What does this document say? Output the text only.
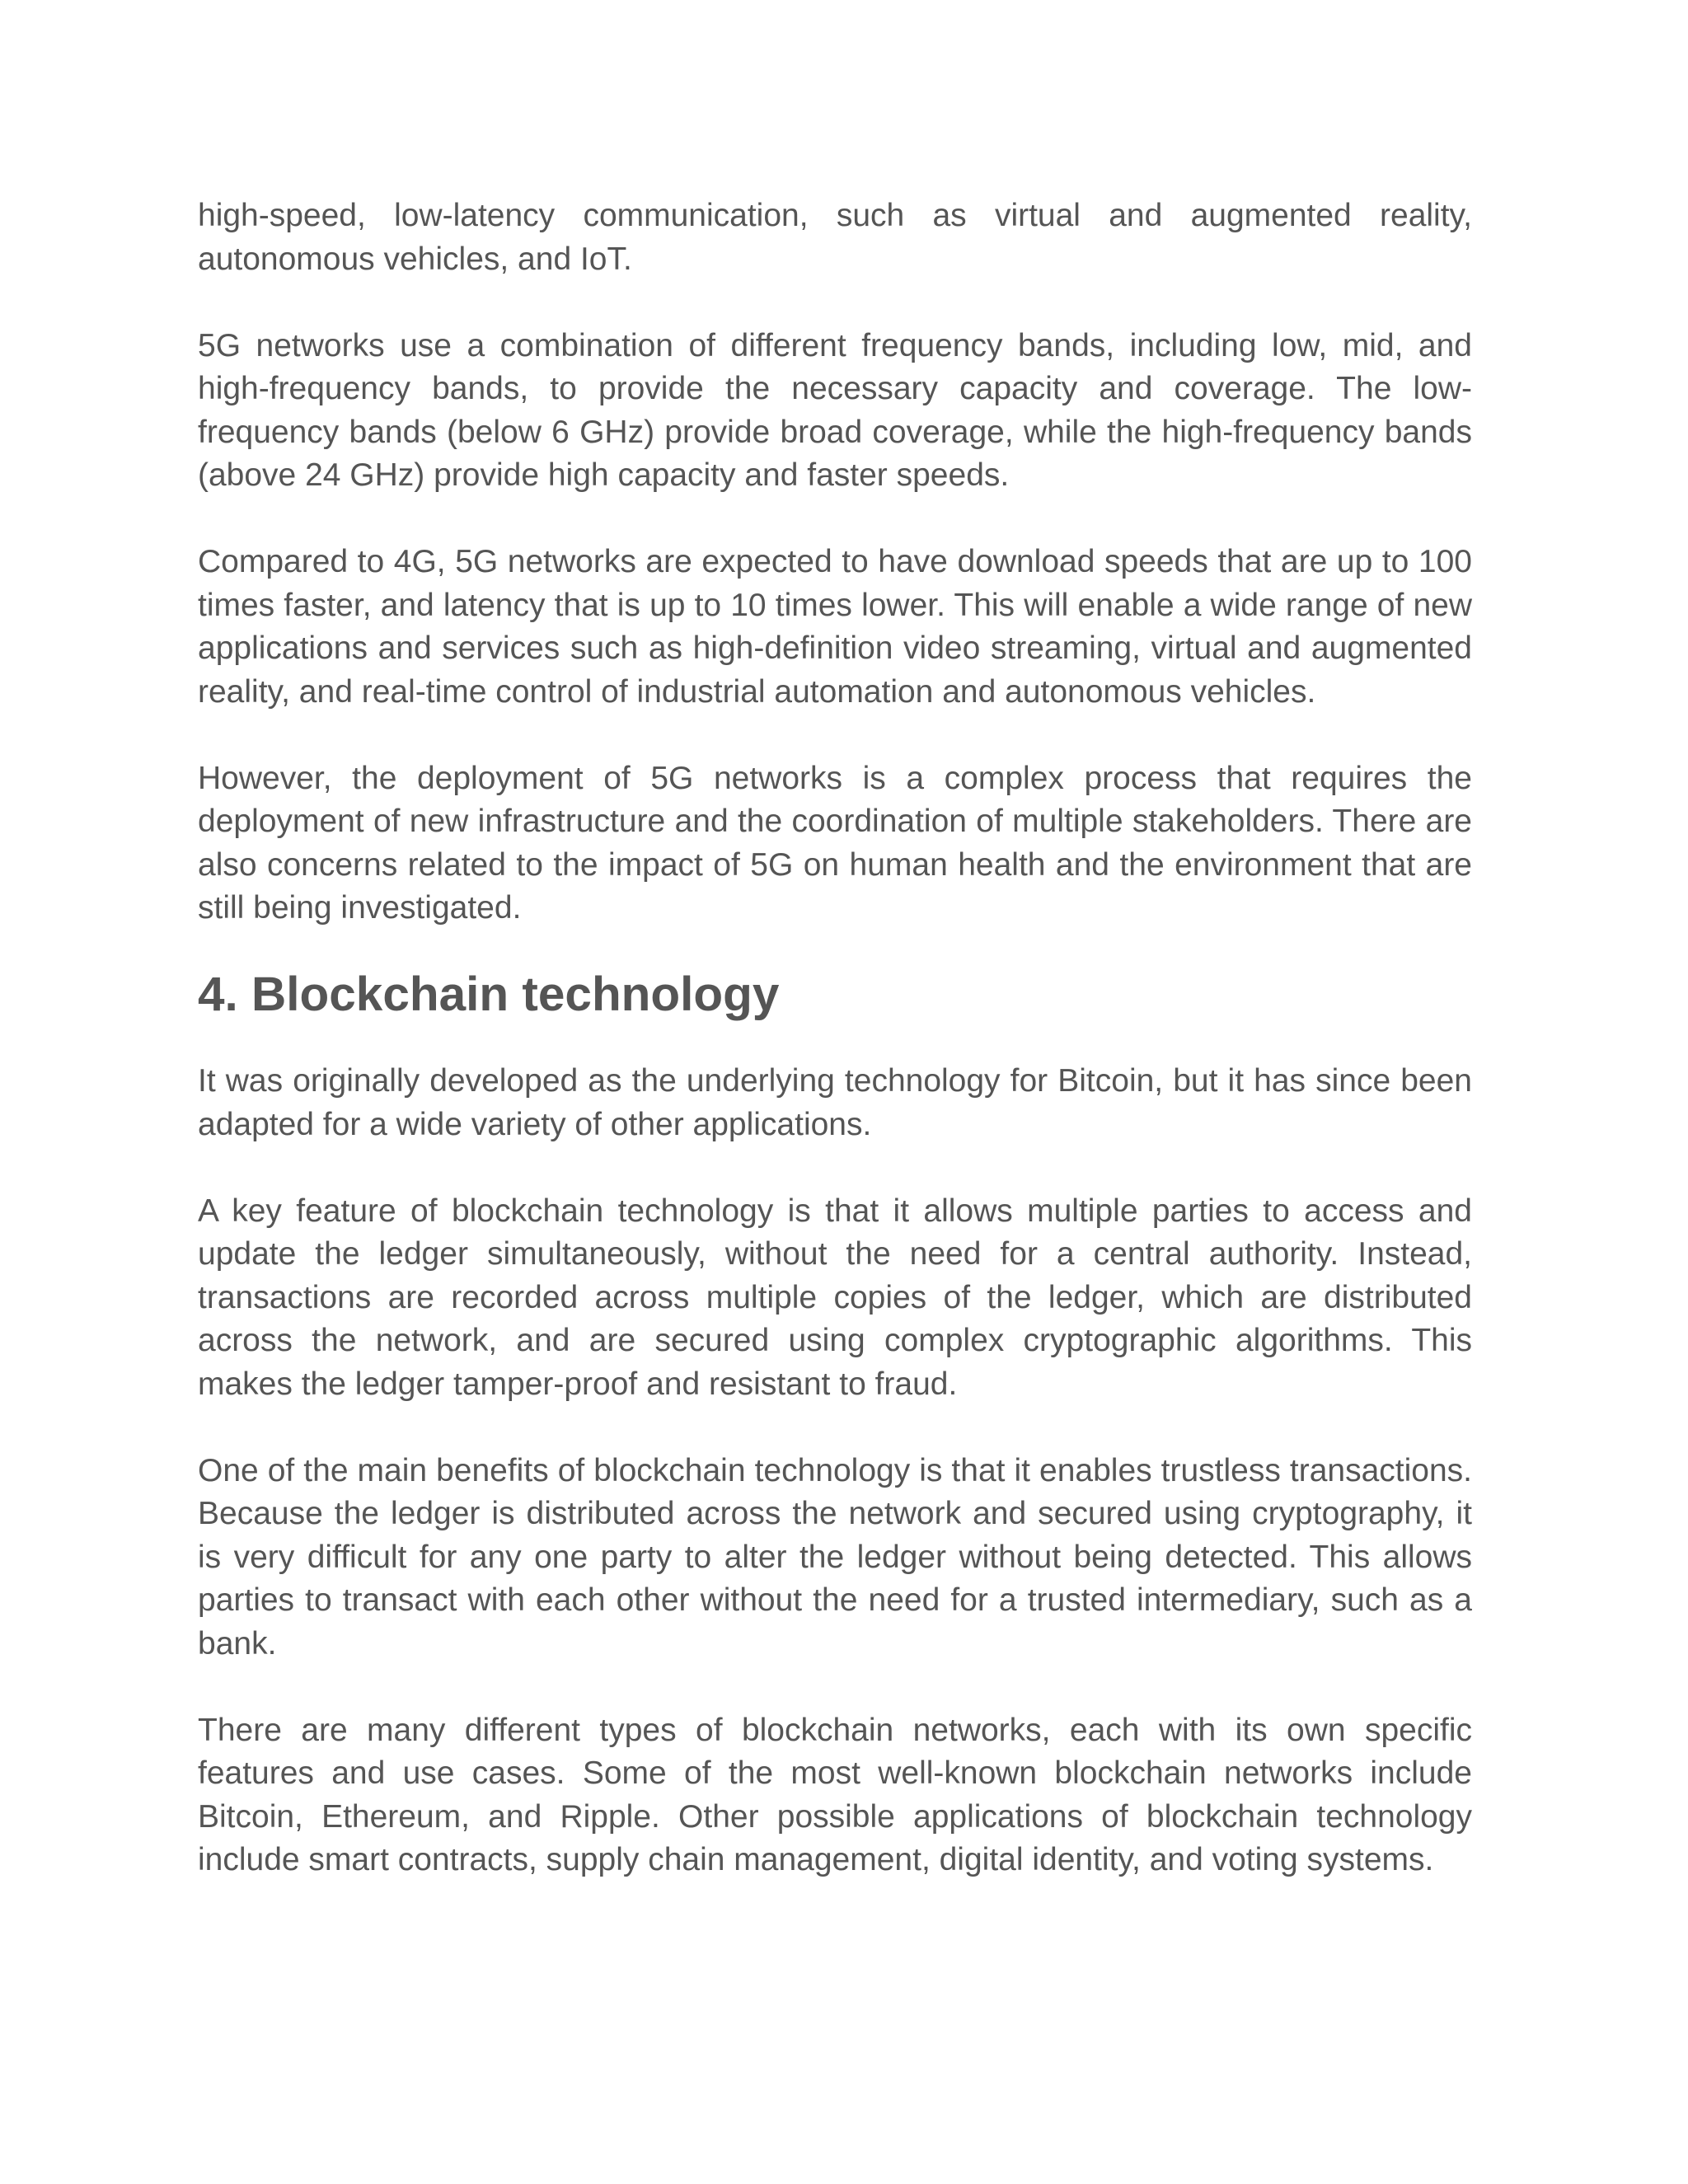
high-speed, low-latency communication, such as virtual and augmented reality, autonomous vehicles, and IoT.

5G networks use a combination of different frequency bands, including low, mid, and high-frequency bands, to provide the necessary capacity and coverage. The low-frequency bands (below 6 GHz) provide broad coverage, while the high-frequency bands (above 24 GHz) provide high capacity and faster speeds.

Compared to 4G, 5G networks are expected to have download speeds that are up to 100 times faster, and latency that is up to 10 times lower. This will enable a wide range of new applications and services such as high-definition video streaming, virtual and augmented reality, and real-time control of industrial automation and autonomous vehicles.

However, the deployment of 5G networks is a complex process that requires the deployment of new infrastructure and the coordination of multiple stakeholders. There are also concerns related to the impact of 5G on human health and the environment that are still being investigated.

4. Blockchain technology

It was originally developed as the underlying technology for Bitcoin, but it has since been adapted for a wide variety of other applications.

A key feature of blockchain technology is that it allows multiple parties to access and update the ledger simultaneously, without the need for a central authority. Instead, transactions are recorded across multiple copies of the ledger, which are distributed across the network, and are secured using complex cryptographic algorithms. This makes the ledger tamper-proof and resistant to fraud.

One of the main benefits of blockchain technology is that it enables trustless transactions. Because the ledger is distributed across the network and secured using cryptography, it is very difficult for any one party to alter the ledger without being detected. This allows parties to transact with each other without the need for a trusted intermediary, such as a bank.

There are many different types of blockchain networks, each with its own specific features and use cases. Some of the most well-known blockchain networks include Bitcoin, Ethereum, and Ripple. Other possible applications of blockchain technology include smart contracts, supply chain management, digital identity, and voting systems.
